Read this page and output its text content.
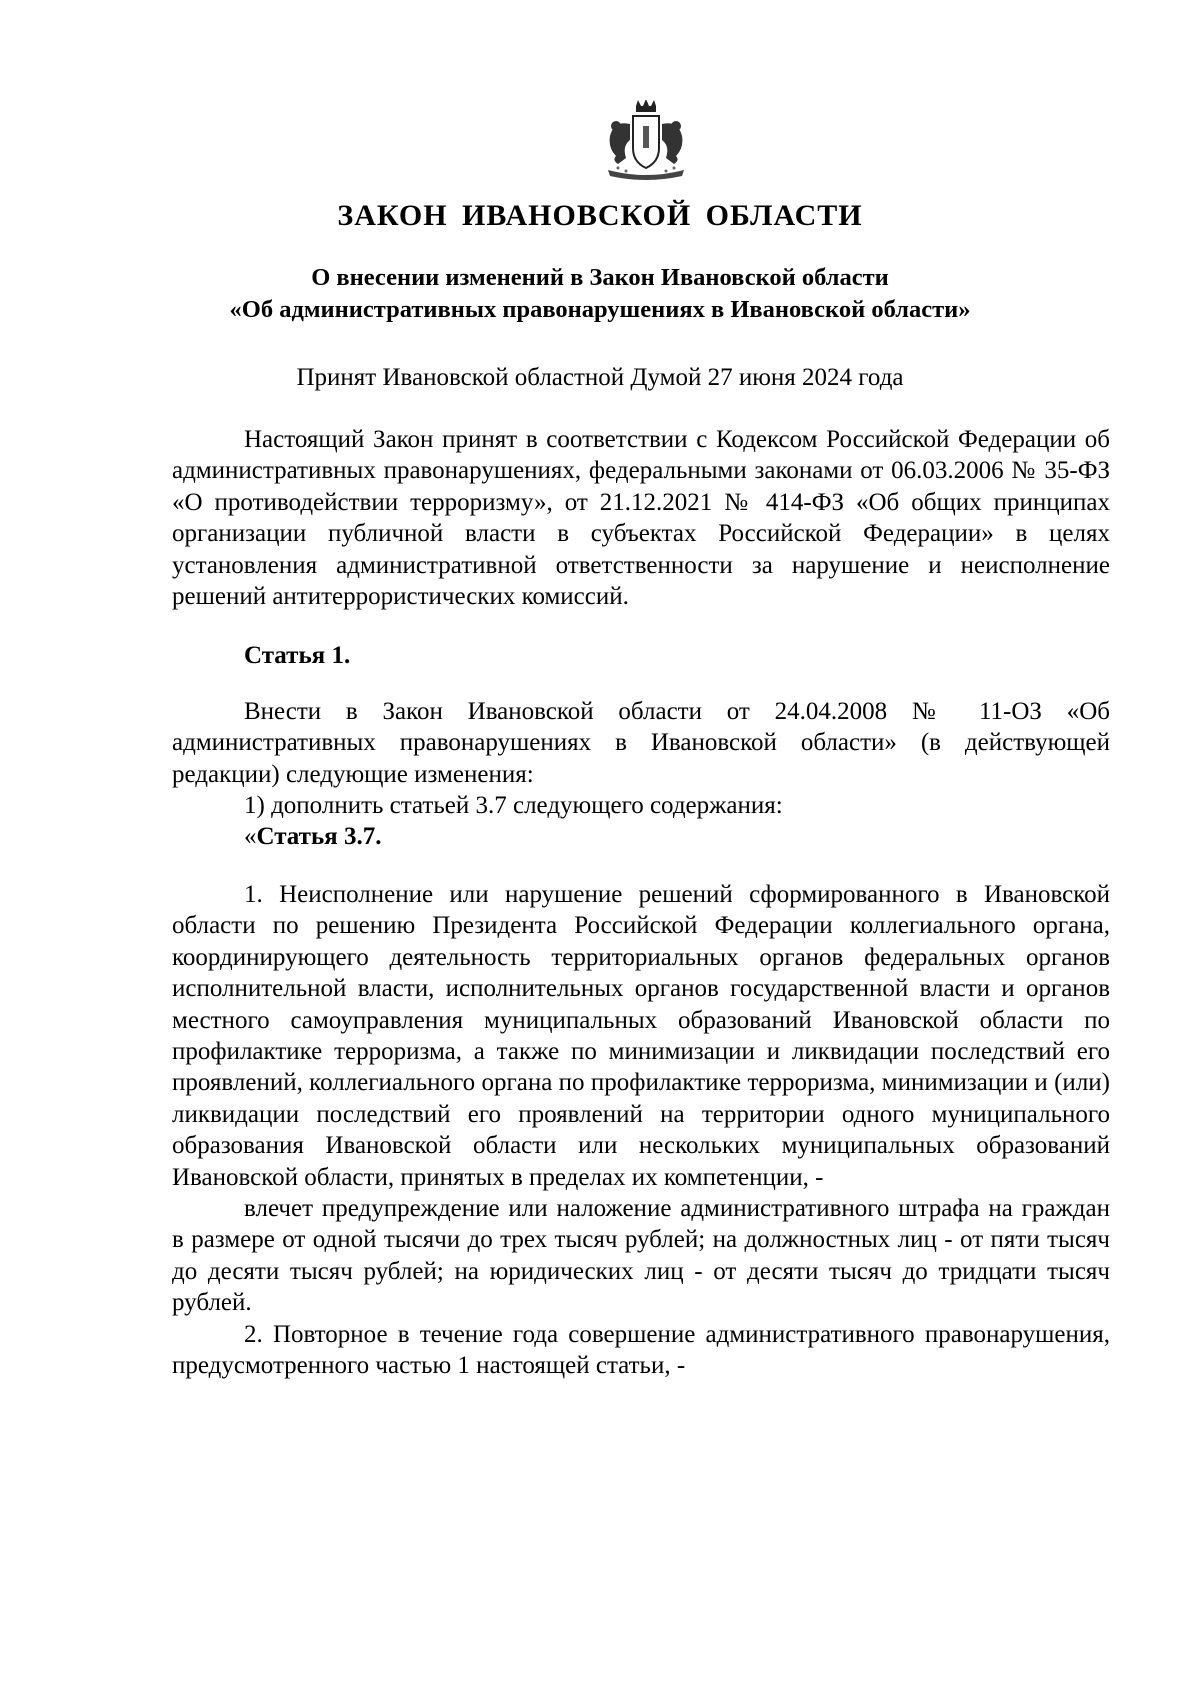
ЗАКОН ИВАНОВСКОЙ ОБЛАСТИ
О внесении изменений в Закон Ивановской области
«Об административных правонарушениях в Ивановской области»
Принят Ивановской областной Думой 27 июня 2024 года

Настоящий Закон принят в соответствии с Кодексом Российской Федерации об административных правонарушениях, федеральными законами от 06.03.2006 № 35-ФЗ «О противодействии терроризму», от 21.12.2021 № 414-ФЗ «Об общих принципах организации публичной власти в субъектах Российской Федерации» в целях установления административной ответственности за нарушение и неисполнение решений антитеррористических комиссий.

Статья 1.

Внести в Закон Ивановской области от 24.04.2008 № 11-ОЗ «Об административных правонарушениях в Ивановской области» (в действующей редакции) следующие изменения:

1) дополнить статьей 3.7 следующего содержания:

«Статья 3.7.

1. Неисполнение или нарушение решений сформированного в Ивановской области по решению Президента Российской Федерации коллегиального органа, координирующего деятельность территориальных органов федеральных органов исполнительной власти, исполнительных органов государственной власти и органов местного самоуправления муниципальных образований Ивановской области по профилактике терроризма, а также по минимизации и ликвидации последствий его проявлений, коллегиального органа по профилактике терроризма, минимизации и (или) ликвидации последствий его проявлений на территории одного муниципального образования Ивановской области или нескольких муниципальных образований Ивановской области, принятых в пределах их компетенции, -

влечет предупреждение или наложение административного штрафа на граждан в размере от одной тысячи до трех тысяч рублей; на должностных лиц - от пяти тысяч до десяти тысяч рублей; на юридических лиц - от десяти тысяч до тридцати тысяч рублей.

2. Повторное в течение года совершение административного правонарушения, предусмотренного частью 1 настоящей статьи, -
